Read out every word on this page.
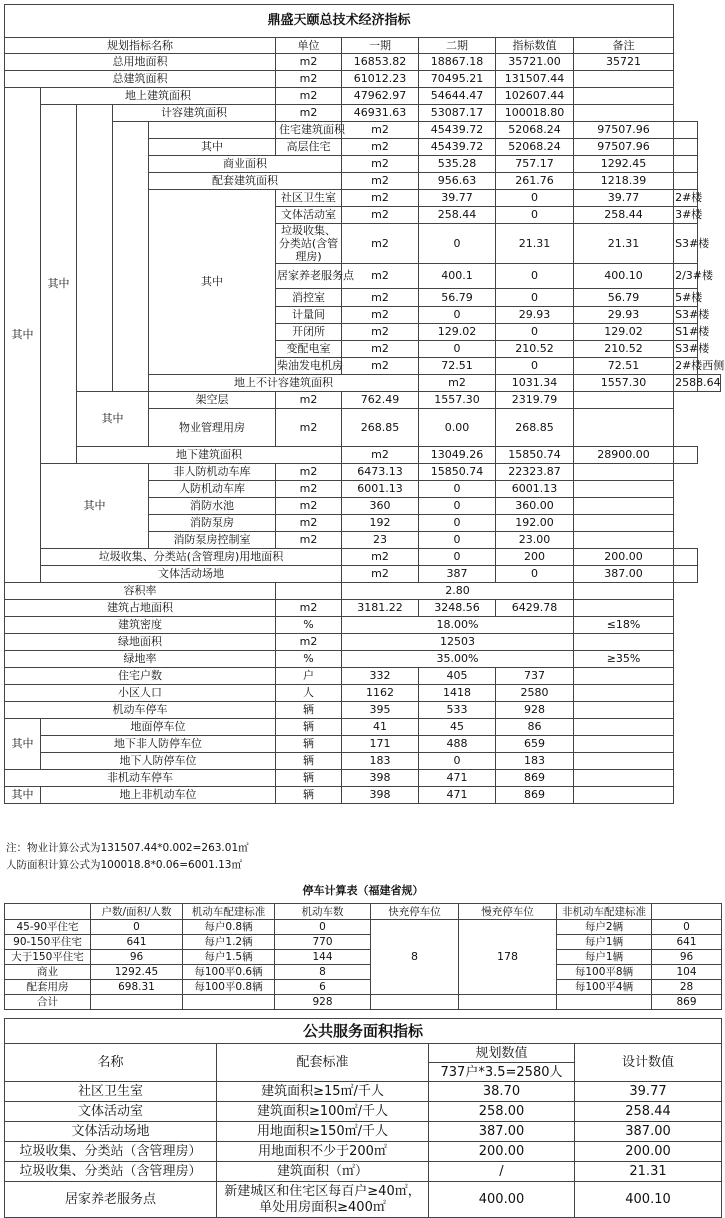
鼎盛天颐总技术经济指标											
规划指标名称					单位	一期	二期	指标数值	备注		
总用地面积					m2	16853.82	18867.18	35721.00	35721		
总建筑面积					m2	61012.23	70495.21	131507.44			
其中	地上建筑面积				m2	47962.97	54644.47	102607.44			
	其中		计容建筑面积		m2	46931.63	53087.17	100018.80			
					住宅建筑面积	m2	45439.72	52068.24	97507.96		
				其中	高层住宅	m2	45439.72	52068.24	97507.96		
				商业面积		m2	535.28	757.17	1292.45		
				配套建筑面积		m2	956.63	261.76	1218.39		
				其中	社区卫生室	m2	39.77	0	39.77	2#楼	
					文体活动室	m2	258.44	0	258.44	3#楼	
					垃圾收集、分类站(含管理房)	m2	0	21.31	21.31	S3#楼	
					居家养老服务点	m2	400.1	0	400.10	2/3#楼	
					消控室	m2	56.79	0	56.79	5#楼	
					计量间	m2	0	29.93	29.93	S3#楼	
					开闭所	m2	129.02	0	129.02	S1#楼	
					变配电室	m2	0	210.52	210.52	S3#楼	
					柴油发电机房	m2	72.51	0	72.51	2#楼西侧	
				地上不计容建筑面积			m2	1031.34	1557.30	2588.64	
		其中		架空层	m2	762.49	1557.30	2319.79			
				物业管理用房	m2	268.85	0.00	268.85			
		地下建筑面积				m2	13049.26	15850.74	28900.00		
	其中			非人防机动车库	m2	6473.13	15850.74	22323.87			
				人防机动车库	m2	6001.13	0	6001.13			
				消防水池	m2	360	0	360.00			
				消防泵房	m2	192	0	192.00			
				消防泵房控制室	m2	23	0	23.00			
	垃圾收集、分类站(含管理房)用地面积					m2	0	200	200.00		
	文体活动场地					m2	387	0	387.00		
容积率						2.80					
建筑占地面积					m2	3181.22	3248.56	6429.78			
建筑密度					%	18.00%			≤18%		
绿地面积					m2	12503					
绿地率					%	35.00%			≥35%		
住宅户数					户	332	405	737			
小区人口					人	1162	1418	2580			
机动车停车					辆	395	533	928			
其中	地面停车位				辆	41	45	86			
	地下非人防停车位				辆	171	488	659			
	地下人防停车位				辆	183	0	183			
非机动车停车					辆	398	471	869			
其中	地上非机动车位				辆	398	471	869			
注：物业计算公式为131507.44*0.002=263.01㎡
人防面积计算公式为100018.8*0.06=6001.13㎡
停车计算表（福建省规）							
	户数/面积/人数	机动车配建标准	机动车数	快充停车位	慢充停车位	非机动车配建标准	
45-90平住宅	0	每户0.8辆	0	8	178	每户2辆	0
90-150平住宅	641	每户1.2辆	770			每户1辆	641
大于150平住宅	96	每户1.5辆	144			每户1辆	96
商业	1292.45	每100平0.6辆	8			每100平8辆	104
配套用房	698.31	每100平0.8辆	6			每100平4辆	28
合计			928				869
公共服务面积指标			
名称	配套标准	规划数值	设计数值
		737户*3.5=2580人	
社区卫生室	建筑面积≥15㎡/千人	38.70	39.77
文体活动室	建筑面积≥100㎡/千人	258.00	258.44
文体活动场地	用地面积≥150㎡/千人	387.00	387.00
垃圾收集、分类站（含管理房）	用地面积不少于200㎡	200.00	200.00
垃圾收集、分类站（含管理房）	建筑面积（㎡）	/	21.31
居家养老服务点	新建城区和住宅区每百户≥40㎡，单处用房面积≥400㎡	400.00	400.10
